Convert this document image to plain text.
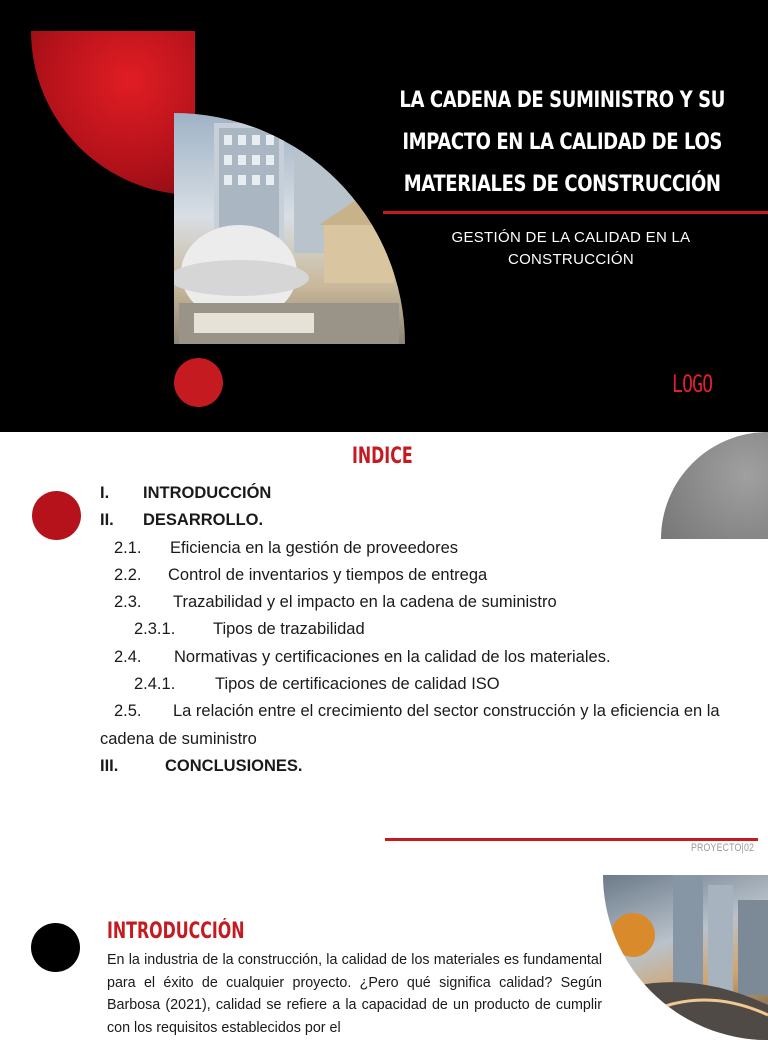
LA CADENA DE SUMINISTRO Y SU IMPACTO EN LA CALIDAD DE LOS MATERIALES DE CONSTRUCCIÓN
GESTIÓN DE LA CALIDAD EN LA CONSTRUCCIÓN
LOGO
INDICE
I. INTRODUCCIÓN
II. DESARROLLO.
2.1. Eficiencia en la gestión de proveedores
2.2. Control de inventarios y tiempos de entrega
2.3. Trazabilidad y el impacto en la cadena de suministro
2.3.1. Tipos de trazabilidad
2.4. Normativas y certificaciones en la calidad de los materiales.
2.4.1. Tipos de certificaciones de calidad ISO
2.5. La relación entre el crecimiento del sector construcción y la eficiencia en la cadena de suministro
III.	CONCLUSIONES.
PROYECTO|02
INTRODUCCIÓN
En la industria de la construcción, la calidad de los materiales es fundamental para el éxito de cualquier proyecto. ¿Pero qué significa calidad? Según Barbosa (2021), calidad se refiere a la capacidad de un producto de cumplir con los requisitos establecidos por el
